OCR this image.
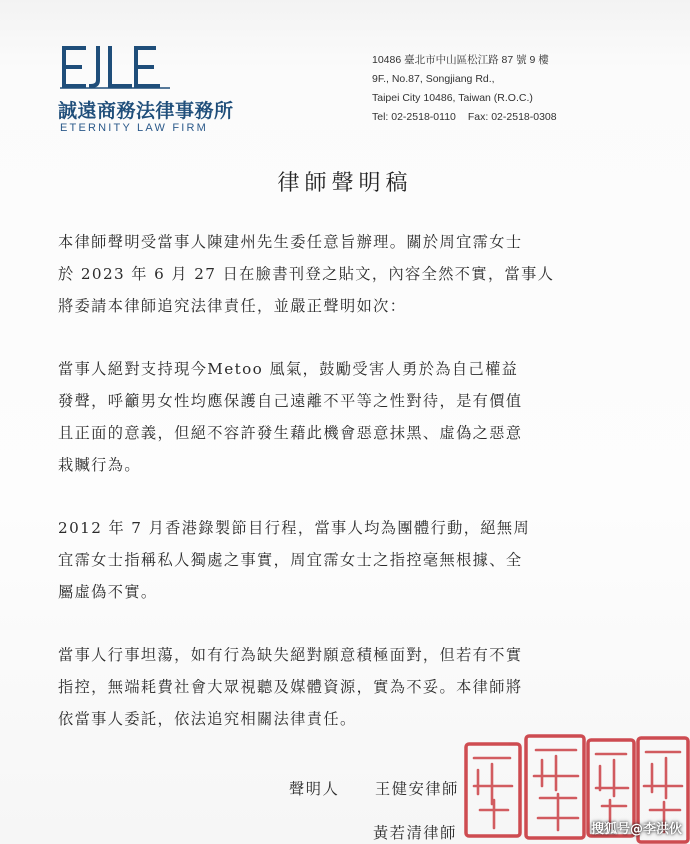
誠遠商務法律事務所
ETERNITY LAW FIRM
10486 臺北市中山區松江路 87 號 9 樓
9F., No.87, Songjiang Rd.,
Taipei City 10486, Taiwan (R.O.C.)
Tel: 02-2518-0110 Fax: 02-2518-0308
律師聲明稿

本律師聲明受當事人陳建州先生委任意旨辦理。關於周宜霈女士
於 2023 年 6 月 27 日在臉書刊登之貼文，內容全然不實，當事人
將委請本律師追究法律責任，並嚴正聲明如次：

當事人絕對支持現今Metoo 風氣，鼓勵受害人勇於為自己權益
發聲，呼籲男女性均應保護自己遠離不平等之性對待，是有價值
且正面的意義，但絕不容許發生藉此機會惡意抹黑、虛偽之惡意
栽贓行為。

2012 年 7 月香港錄製節目行程，當事人均為團體行動，絕無周
宜霈女士指稱私人獨處之事實，周宜霈女士之指控毫無根據、全
屬虛偽不實。

當事人行事坦蕩，如有行為缺失絕對願意積極面對，但若有不實
指控，無端耗費社會大眾視聽及媒體資源，實為不妥。本律師將
依當事人委託，依法追究相關法律責任。

聲明人 王健安律師
黃若清律師	搜狐号@李洪伙
